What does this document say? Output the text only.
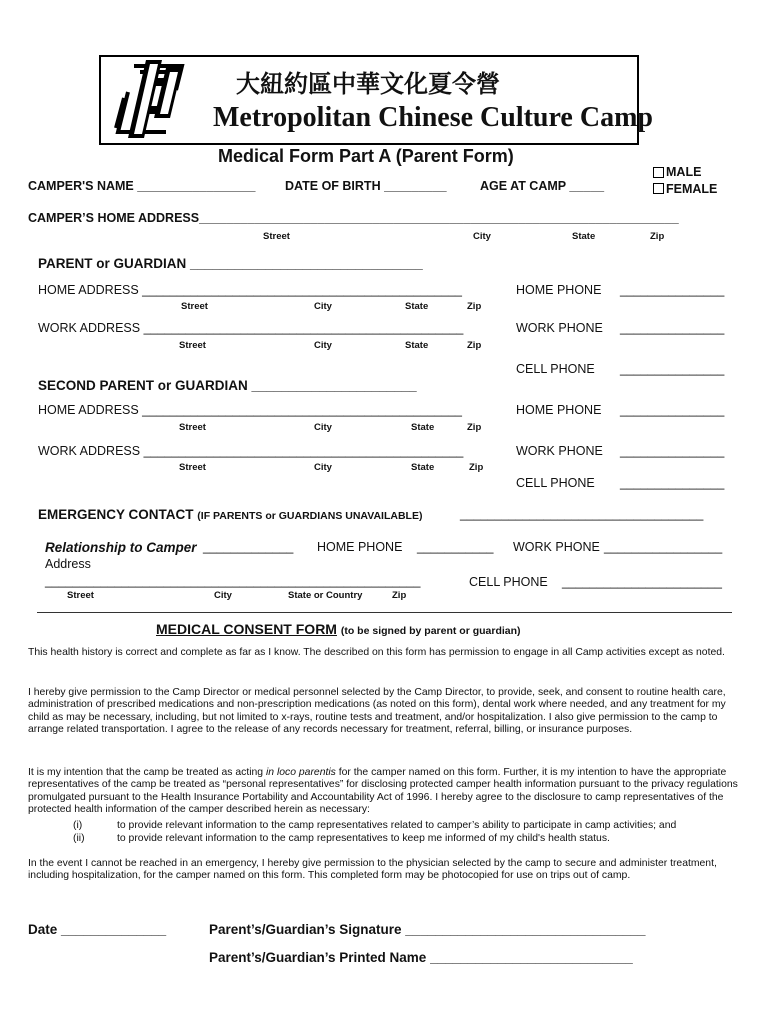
大紐約區中華文化夏令營
Metropolitan Chinese Culture Camp
Medical Form Part A (Parent Form)
CAMPER'S NAME _________________ DATE OF BIRTH _________	AGE AT CAMP _____
MALE
FEMALE
CAMPER’S HOME ADDRESS_____________________________________________________________________
Street	City	State	Zip
PARENT or GUARDIAN _______________________________
HOME ADDRESS ______________________________________________	HOME PHONE _______________
Street	City	State	Zip
WORK ADDRESS ______________________________________________	WORK PHONE _______________
Street	City	State	Zip
CELL PHONE _______________
SECOND PARENT or GUARDIAN ______________________
HOME ADDRESS ______________________________________________	HOME PHONE _______________
Street	City	State	Zip
WORK ADDRESS ______________________________________________	WORK PHONE _______________
Street	City	State	Zip
CELL PHONE _______________
EMERGENCY CONTACT (IF PARENTS or GUARDIANS UNAVAILABLE)	___________________________________
Relationship to Camper _____________ HOME PHONE ___________ WORK PHONE _________________
Address
______________________________________________________	CELL PHONE _______________________
Street	City	State or Country	Zip
MEDICAL CONSENT FORM (to be signed by parent or guardian)
This health history is correct and complete as far as I know. The described on this form has permission to engage in all Camp activities except as noted.
I hereby give permission to the Camp Director or medical personnel selected by the Camp Director, to provide, seek, and consent to routine health care, administration of prescribed medications and non-prescription medications (as noted on this form), dental work where needed, and any treatment for my child as may be necessary, including, but not limited to x-rays, routine tests and treatment, and/or hospitalization. I also give permission to the camp to arrange related transportation. I agree to the release of any records necessary for treatment, referral, billing, or insurance purposes.
It is my intention that the camp be treated as acting in loco parentis for the camper named on this form. Further, it is my intention to have the appropriate representatives of the camp be treated as “personal representatives” for disclosing protected camper health information pursuant to the privacy regulations promulgated pursuant to the Health Insurance Portability and Accountability Act of 1996. I hereby agree to the disclosure to camp representatives of the protected health information of the camper described herein as necessary:
(i)	to provide relevant information to the camp representatives related to camper’s ability to participate in camp activities; and
(ii)	to provide relevant information to the camp representatives to keep me informed of my child's health status.
In the event I cannot be reached in an emergency, I hereby give permission to the physician selected by the camp to secure and administer treatment, including hospitalization, for the camper named on this form. This completed form may be photocopied for use on trips out of camp.
Date ______________	Parent’s/Guardian’s Signature ________________________________
Parent’s/Guardian’s Printed Name ___________________________
